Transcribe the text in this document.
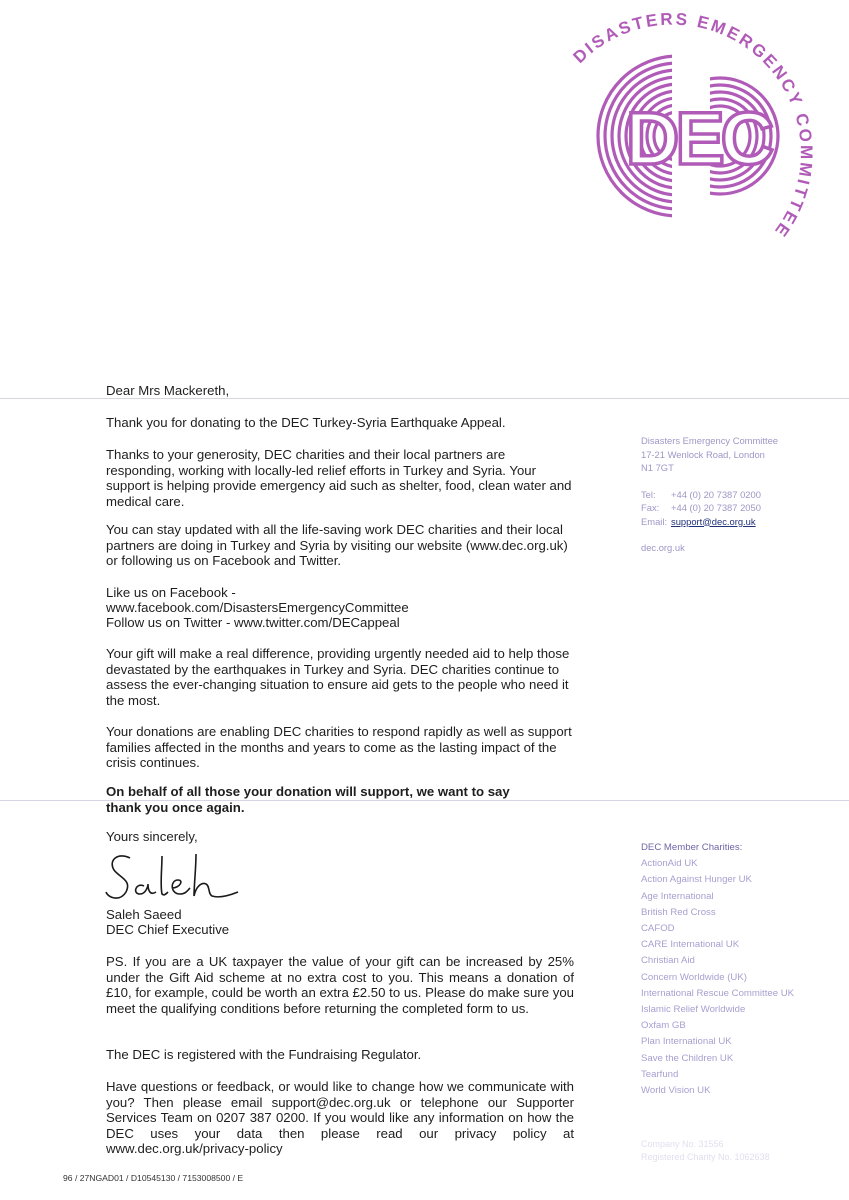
DISASTERS EMERGENCY COMMITTEE
DEC

Dear Mrs Mackereth,

Thank you for donating to the DEC Turkey-Syria Earthquake Appeal.

Thanks to your generosity, DEC charities and their local partners are responding, working with locally-led relief efforts in Turkey and Syria. Your support is helping provide emergency aid such as shelter, food, clean water and medical care.

You can stay updated with all the life-saving work DEC charities and their local partners are doing in Turkey and Syria by visiting our website (www.dec.org.uk) or following us on Facebook and Twitter.

Like us on Facebook -

www.facebook.com/DisastersEmergencyCommittee

Follow us on Twitter - www.twitter.com/DECappeal

Your gift will make a real difference, providing urgently needed aid to help those devastated by the earthquakes in Turkey and Syria. DEC charities continue to assess the ever-changing situation to ensure aid gets to the people who need it the most.

Your donations are enabling DEC charities to respond rapidly as well as support families affected in the months and years to come as the lasting impact of the crisis continues.

On behalf of all those your donation will support, we want to say thank you once again.

Yours sincerely,

Saleh Saeed

DEC Chief Executive

PS. If you are a UK taxpayer the value of your gift can be increased by 25% under the Gift Aid scheme at no extra cost to you. This means a donation of £10, for example, could be worth an extra £2.50 to us. Please do make sure you meet the qualifying conditions before returning the completed form to us.

The DEC is registered with the Fundraising Regulator.

Have questions or feedback, or would like to change how we communicate with you? Then please email support@dec.org.uk or telephone our Supporter Services Team on 0207 387 0200. If you would like any information on how the DEC uses your data then please read our privacy policy at www.dec.org.uk/privacy-policy

Disasters Emergency Committee
17-21 Wenlock Road, London
N1 7GT
Tel: +44 (0) 20 7387 0200
Fax: +44 (0) 20 7387 2050
Email: support@dec.org.uk
dec.org.uk
DEC Member Charities:
ActionAid UK
Action Against Hunger UK
Age International
British Red Cross
CAFOD
CARE International UK
Christian Aid
Concern Worldwide (UK)
International Rescue Committee UK
Islamic Relief Worldwide
Oxfam GB
Plan International UK
Save the Children UK
Tearfund
World Vision UK
Company No. 31556
Registered Charity No. 1062638
96 / 27NGAD01 / D10545130 / 7153008500 / E
